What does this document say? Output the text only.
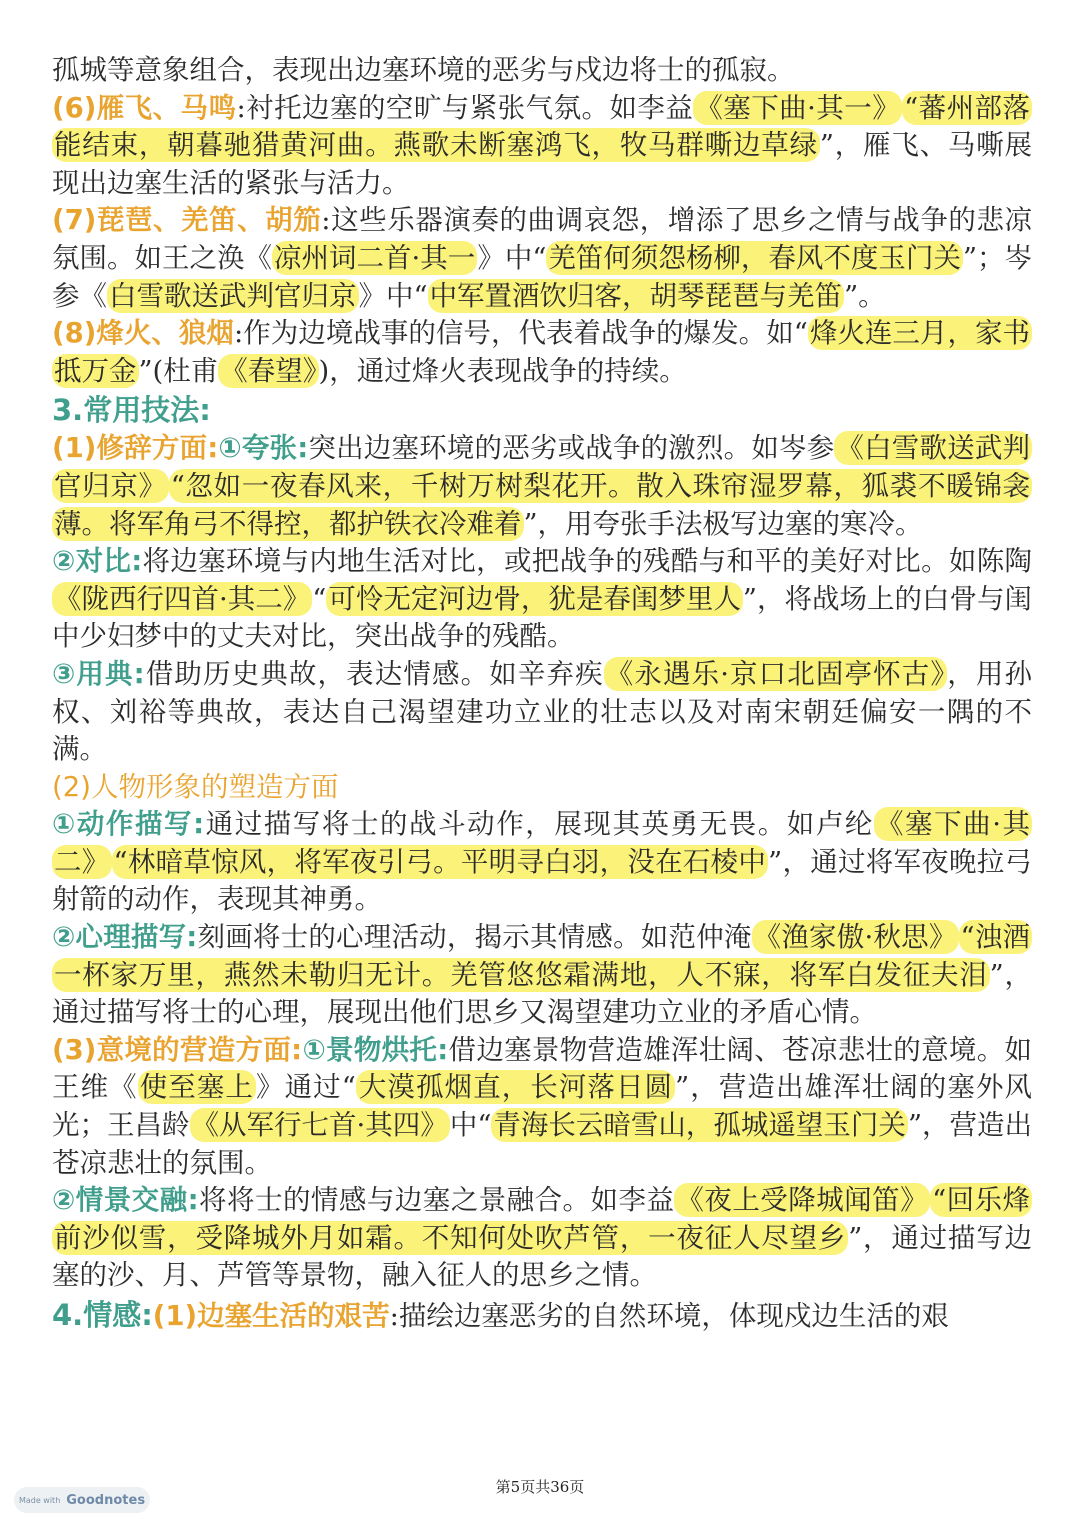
孤城等意象组合，表现出边塞环境的恶劣与戍边将士的孤寂。

(6)雁飞、马鸣:衬托边塞的空旷与紧张气氛。如李益《塞下曲·其一》 “蕃州部落能结束，朝暮驰猎黄河曲。燕歌未断塞鸿飞，牧马群嘶边草绿”，雁飞、马嘶展现出边塞生活的紧张与活力。

(7)琵琶、羌笛、胡笳:这些乐器演奏的曲调哀怨，增添了思乡之情与战争的悲凉氛围。如王之涣《凉州词二首·其一》中“羌笛何须怨杨柳，春风不度玉门关”；岑参《白雪歌送武判官归京》中“中军置酒饮归客，胡琴琵琶与羌笛”。

(8)烽火、狼烟:作为边境战事的信号，代表着战争的爆发。如“烽火连三月，家书抵万金”(杜甫《春望》)，通过烽火表现战争的持续。

3.常用技法:

(1)修辞方面:①夸张:突出边塞环境的恶劣或战争的激烈。如岑参《白雪歌送武判官归京》 “忽如一夜春风来，千树万树梨花开。散入珠帘湿罗幕，狐裘不暖锦衾薄。将军角弓不得控，都护铁衣冷难着”，用夸张手法极写边塞的寒冷。

②对比:将边塞环境与内地生活对比，或把战争的残酷与和平的美好对比。如陈陶《陇西行四首·其二》“可怜无定河边骨，犹是春闺梦里人”，将战场上的白骨与闺中少妇梦中的丈夫对比，突出战争的残酷。

③用典:借助历史典故，表达情感。如辛弃疾《永遇乐·京口北固亭怀古》，用孙权、刘裕等典故，表达自己渴望建功立业的壮志以及对南宋朝廷偏安一隅的不满。

(2)人物形象的塑造方面

①动作描写:通过描写将士的战斗动作，展现其英勇无畏。如卢纶《塞下曲·其二》 “林暗草惊风，将军夜引弓。平明寻白羽，没在石棱中”，通过将军夜晚拉弓射箭的动作，表现其神勇。

②心理描写:刻画将士的心理活动，揭示其情感。如范仲淹《渔家傲·秋思》 “浊酒一杯家万里，燕然未勒归无计。羌管悠悠霜满地，人不寐，将军白发征夫泪”，通过描写将士的心理，展现出他们思乡又渴望建功立业的矛盾心情。

(3)意境的营造方面:①景物烘托:借边塞景物营造雄浑壮阔、苍凉悲壮的意境。如王维《使至塞上》通过“大漠孤烟直，长河落日圆”，营造出雄浑壮阔的塞外风光；王昌龄《从军行七首·其四》中“青海长云暗雪山，孤城遥望玉门关”，营造出苍凉悲壮的氛围。

②情景交融:将将士的情感与边塞之景融合。如李益《夜上受降城闻笛》 “回乐烽前沙似雪，受降城外月如霜。不知何处吹芦管，一夜征人尽望乡”，通过描写边塞的沙、月、芦管等景物，融入征人的思乡之情。

4.情感:(1)边塞生活的艰苦:描绘边塞恶劣的自然环境，体现戍边生活的艰

第5页共36页
Made with Goodnotes
